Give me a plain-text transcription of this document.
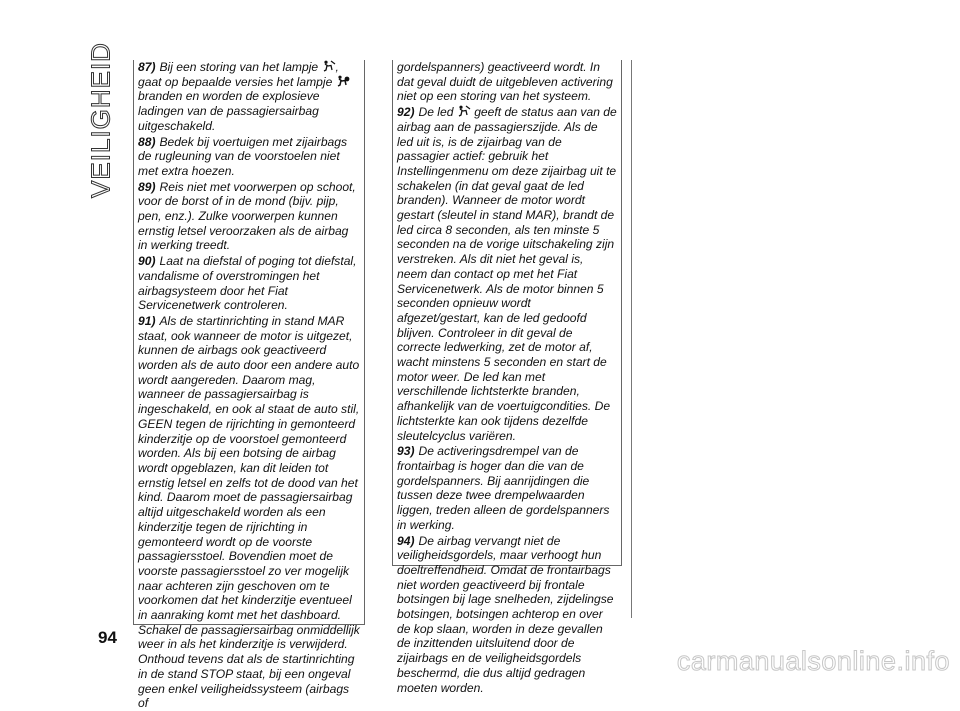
VEILIGHEID 87) Bij een storing van het lampje , gaat op bepaalde versies het lampje
branden en worden de explosieve ladingen van de passagiersairbag uitgeschakeld.

88) Bedek bij voertuigen met zijairbags de rugleuning van de voorstoelen niet met extra hoezen.

89) Reis niet met voorwerpen op schoot, voor de borst of in de mond (bijv. pijp, pen, enz.). Zulke voorwerpen kunnen ernstig letsel veroorzaken als de airbag in werking treedt.

90) Laat na diefstal of poging tot diefstal, vandalisme of overstromingen het airbagsysteem door het Fiat Servicenetwerk controleren.

91) Als de startinrichting in stand MAR staat, ook wanneer de motor is uitgezet, kunnen de airbags ook geactiveerd worden als de auto door een andere auto wordt aangereden. Daarom mag, wanneer de passagiersairbag is ingeschakeld, en ook al staat de auto stil, GEEN tegen de rijrichting in gemonteerd kinderzitje op de voorstoel gemonteerd worden. Als bij een botsing de airbag wordt opgeblazen, kan dit leiden tot ernstig letsel en zelfs tot de dood van het kind. Daarom moet de passagiersairbag altijd uitgeschakeld worden als een kinderzitje tegen de rijrichting in gemonteerd wordt op de voorste passagiersstoel. Bovendien moet de voorste passagiersstoel zo ver mogelijk naar achteren zijn geschoven om te voorkomen dat het kinderzitje eventueel in aanraking komt met het dashboard. Schakel de passagiersairbag onmiddellijk weer in als het kinderzitje is verwijderd. Onthoud tevens dat als de startinrichting in de stand STOP staat, bij een ongeval geen enkel veiligheidssysteem (airbags of

gordelspanners) geactiveerd wordt. In dat geval duidt de uitgebleven activering niet op een storing van het systeem.

92) De led
geeft de status aan van de airbag aan de passagierszijde. Als de led uit is, is de zijairbag van de passagier actief: gebruik het Instellingenmenu om deze zijairbag uit te schakelen (in dat geval gaat de led branden). Wanneer de motor wordt gestart (sleutel in stand MAR), brandt de led circa 8 seconden, als ten minste 5 seconden na de vorige uitschakeling zijn verstreken. Als dit niet het geval is, neem dan contact op met het Fiat Servicenetwerk. Als de motor binnen 5 seconden opnieuw wordt afgezet/gestart, kan de led gedoofd blijven. Controleer in dit geval de correcte ledwerking, zet de motor af, wacht minstens 5 seconden en start de motor weer. De led kan met verschillende lichtsterkte branden, afhankelijk van de voertuigcondities. De lichtsterkte kan ook tijdens dezelfde sleutelcyclus variëren.

93) De activeringsdrempel van de frontairbag is hoger dan die van de gordelspanners. Bij aanrijdingen die tussen deze twee drempelwaarden liggen, treden alleen de gordelspanners in werking.

94) De airbag vervangt niet de veiligheidsgordels, maar verhoogt hun doeltreffendheid. Omdat de frontairbags niet worden geactiveerd bij frontale botsingen bij lage snelheden, zijdelingse botsingen, botsingen achterop en over de kop slaan, worden in deze gevallen de inzittenden uitsluitend door de zijairbags en de veiligheidsgordels beschermd, die dus altijd gedragen moeten worden.

94
carmanualsonline.info
